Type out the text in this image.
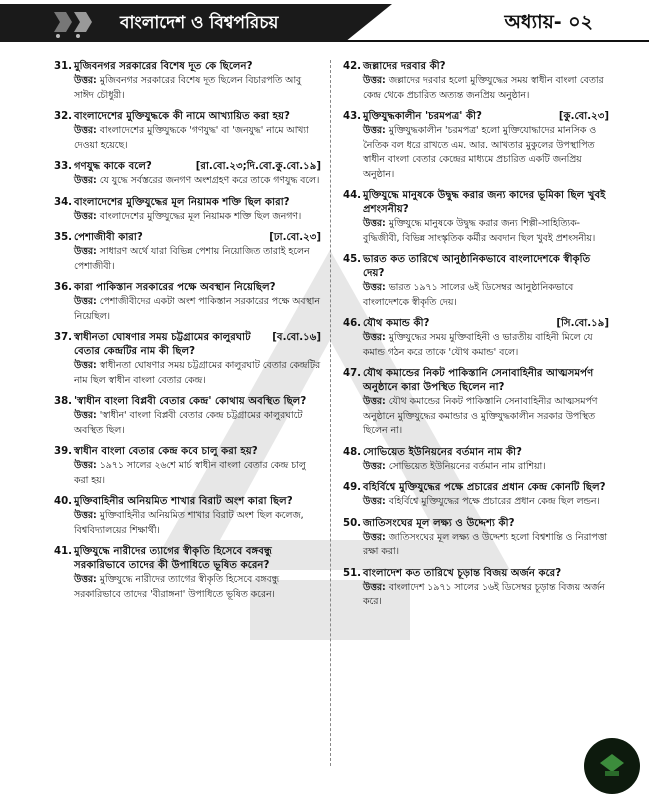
বাংলাদেশ ও বিশ্বপরিচয়	অধ্যায়- ০২
31. মুজিবনগর সরকারের বিশেষ দূত কে ছিলেন?
উত্তর: মুজিবনগর সরকারের বিশেষ দূত ছিলেন বিচারপতি আবু সাঈদ চৌধুরী।
32. বাংলাদেশের মুক্তিযুদ্ধকে কী নামে আখ্যায়িত করা হয়?
উত্তর: বাংলাদেশের মুক্তিযুদ্ধকে 'গণযুদ্ধ' বা 'জনযুদ্ধ' নামে আখ্যা দেওয়া হয়েছে।
33. গণযুদ্ধ কাকে বলে?	[রা.বো.২৩;দি.বো.কু.বো.১৯]
উত্তর: যে যুদ্ধে সর্বস্তরের জনগণ অংশগ্রহণ করে তাকে গণযুদ্ধ বলে।
34. বাংলাদেশের মুক্তিযুদ্ধের মূল নিয়ামক শক্তি ছিল কারা?
উত্তর: বাংলাদেশের মুক্তিযুদ্ধের মূল নিয়ামক শক্তি ছিল জনগণ।
35. পেশাজীবী কারা?	[ঢা.বো.২৩]
উত্তর: সাধারণ অর্থে যারা বিভিন্ন পেশায় নিয়োজিত তারাই হলেন পেশাজীবী।
36. কারা পাকিস্তান সরকারের পক্ষে অবস্থান নিয়েছিল?
উত্তর: পেশাজীবীদের একটা অংশ পাকিস্তান সরকারের পক্ষে অবস্থান নিয়েছিল।
37. স্বাধীনতা ঘোষণার সময় চট্টগ্রামের কালুরঘাট বেতার কেন্দ্রটির নাম কী ছিল?
[ব.বো.১৬]
উত্তর: স্বাধীনতা ঘোষণার সময় চট্টগ্রামের কালুরঘাট বেতার কেন্দ্রটির নাম ছিল স্বাধীন বাংলা বেতার কেন্দ্র।
38. 'স্বাধীন বাংলা বিপ্লবী বেতার কেন্দ্র' কোথায় অবস্থিত ছিল?
উত্তর: 'স্বাধীন' বাংলা বিপ্লবী বেতার কেন্দ্র চট্টগ্রামের কালুরঘাটে অবস্থিত ছিল।
39. স্বাধীন বাংলা বেতার কেন্দ্র কবে চালু করা হয়?
উত্তর: ১৯৭১ সালের ২৬শে মার্চ স্বাধীন বাংলা বেতার কেন্দ্র চালু করা হয়।
40. মুক্তিবাহিনীর অনিয়মিত শাখার বিরাট অংশ কারা ছিল?
উত্তর: মুক্তিবাহিনীর অনিয়মিত শাখার বিরাট অংশ ছিল কলেজ, বিশ্ববিদ্যালয়ের শিক্ষার্থী।
41. মুক্তিযুদ্ধে নারীদের ত্যাগের স্বীকৃতি হিসেবে বঙ্গবন্ধু সরকারিভাবে তাদের কী উপাধিতে ভূষিত করেন?
উত্তর: মুক্তিযুদ্ধে নারীদের ত্যাগের স্বীকৃতি হিসেবে বঙ্গবন্ধু সরকারিভাবে তাদের 'বীরাঙ্গনা' উপাধিতে ভূষিত করেন।
42. জল্লাদের দরবার কী?
উত্তর: জল্লাদের দরবার হলো মুক্তিযুদ্ধের সময় স্বাধীন বাংলা বেতার কেন্দ্র থেকে প্রচারিত অত্যন্ত জনপ্রিয় অনুষ্ঠান।
43. মুক্তিযুদ্ধকালীন 'চরমপত্র' কী?	[কু.বো.২৩]
উত্তর: মুক্তিযুদ্ধকালীন 'চরমপত্র' হলো মুক্তিযোদ্ধাদের মানসিক ও নৈতিক বল ধরে রাখতে এম. আর. আখতার মুকুলের উপস্থাপিত স্বাধীন বাংলা বেতার কেন্দ্রের মাধ্যমে প্রচারিত একটি জনপ্রিয় অনুষ্ঠান।
44. মুক্তিযুদ্ধে মানুষকে উদ্বুদ্ধ করার জন্য কাদের ভূমিকা ছিল খুবই প্রশংসনীয়?
উত্তর: মুক্তিযুদ্ধে মানুষকে উদ্বুদ্ধ করার জন্য শিল্পী-সাহিত্যিক-বুদ্ধিজীবী, বিভিন্ন সাংস্কৃতিক কর্মীর অবদান ছিল খুবই প্রশংসনীয়।
45. ভারত কত তারিখে আনুষ্ঠানিকভাবে বাংলাদেশকে স্বীকৃতি দেয়?
উত্তর: ভারত ১৯৭১ সালের ৬ই ডিসেম্বর আনুষ্ঠানিকভাবে বাংলাদেশকে স্বীকৃতি দেয়।
46. যৌথ কমান্ড কী?	[সি.বো.১৯]
উত্তর: মুক্তিযুদ্ধের সময় মুক্তিবাহিনী ও ভারতীয় বাহিনী মিলে যে কমান্ড গঠন করে তাকে 'যৌথ কমান্ড' বলে।
47. যৌথ কমান্ডের নিকট পাকিস্তানি সেনাবাহিনীর আত্মসমর্পণ অনুষ্ঠানে কারা উপস্থিত ছিলেন না?
উত্তর: যৌথ কমান্ডের নিকট পাকিস্তানি সেনাবাহিনীর আত্মসমর্পণ অনুষ্ঠানে মুক্তিযুদ্ধের কমান্ডার ও মুক্তিযুদ্ধকালীন সরকার উপস্থিত ছিলেন না।
48. সোভিয়েত ইউনিয়নের বর্তমান নাম কী?
উত্তর: সোভিয়েত ইউনিয়নের বর্তমান নাম রাশিয়া।
49. বহির্বিশ্বে মুক্তিযুদ্ধের পক্ষে প্রচারের প্রধান কেন্দ্র কোনটি ছিল?
উত্তর: বহির্বিশ্বে মুক্তিযুদ্ধের পক্ষে প্রচারের প্রধান কেন্দ্র ছিল লন্ডন।
50. জাতিসংঘের মূল লক্ষ্য ও উদ্দেশ্য কী?
উত্তর: জাতিসংঘের মূল লক্ষ্য ও উদ্দেশ্য হলো বিশ্বশান্তি ও নিরাপত্তা রক্ষা করা।
51. বাংলাদেশ কত তারিখে চূড়ান্ত বিজয় অর্জন করে?
উত্তর: বাংলাদেশ ১৯৭১ সালের ১৬ই ডিসেম্বর চূড়ান্ত বিজয় অর্জন করে।
